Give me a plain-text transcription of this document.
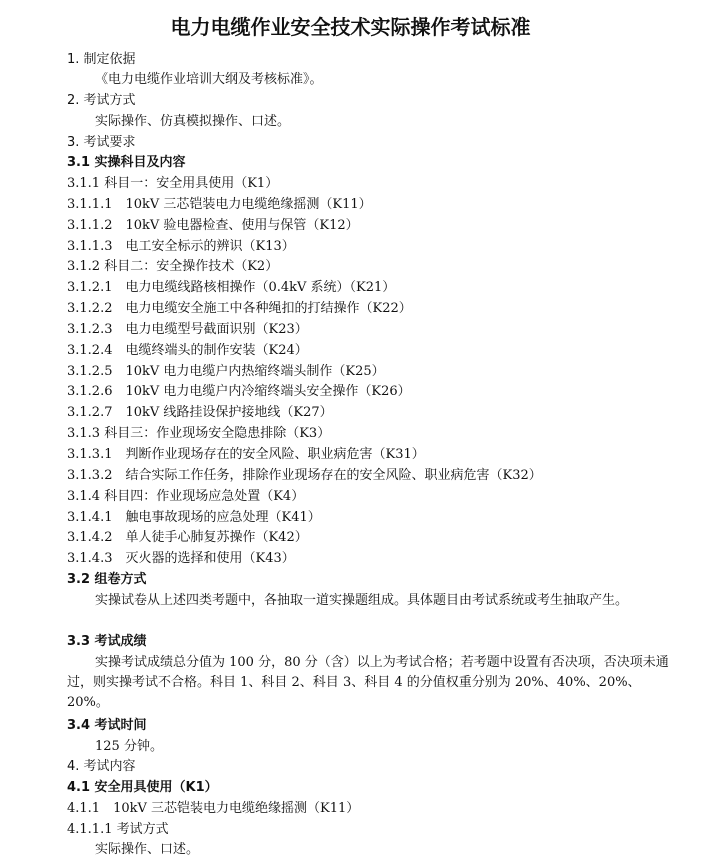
电力电缆作业安全技术实际操作考试标准
1. 制定依据
《电力电缆作业培训大纲及考核标准》。
2. 考试方式
实际操作、仿真模拟操作、口述。
3. 考试要求
3.1 实操科目及内容
3.1.1 科目一：安全用具使用（K1）
3.1.1.1　10kV 三芯铠装电力电缆绝缘摇测（K11）
3.1.1.2　10kV 验电器检查、使用与保管（K12）
3.1.1.3　电工安全标示的辨识（K13）
3.1.2 科目二：安全操作技术（K2）
3.1.2.1　电力电缆线路核相操作（0.4kV 系统）（K21）
3.1.2.2　电力电缆安全施工中各种绳扣的打结操作（K22）
3.1.2.3　电力电缆型号截面识别（K23）
3.1.2.4　电缆终端头的制作安装（K24）
3.1.2.5　10kV 电力电缆户内热缩终端头制作（K25）
3.1.2.6　10kV 电力电缆户内冷缩终端头安全操作（K26）
3.1.2.7　10kV 线路挂设保护接地线（K27）
3.1.3 科目三：作业现场安全隐患排除（K3）
3.1.3.1　判断作业现场存在的安全风险、职业病危害（K31）
3.1.3.2　结合实际工作任务，排除作业现场存在的安全风险、职业病危害（K32）
3.1.4 科目四：作业现场应急处置（K4）
3.1.4.1　触电事故现场的应急处理（K41）
3.1.4.2　单人徒手心肺复苏操作（K42）
3.1.4.3　灭火器的选择和使用（K43）
3.2 组卷方式
实操试卷从上述四类考题中，各抽取一道实操题组成。具体题目由考试系统或考生抽取产生。
3.3 考试成绩
实操考试成绩总分值为 100 分，80 分（含）以上为考试合格；若考题中设置有否决项，否决项未通过，则实操考试不合格。科目 1、科目 2、科目 3、科目 4 的分值权重分别为 20%、40%、20%、20%。
3.4 考试时间
125 分钟。
4. 考试内容
4.1 安全用具使用（K1）
4.1.1　10kV 三芯铠装电力电缆绝缘摇测（K11）
4.1.1.1 考试方式
实际操作、口述。
